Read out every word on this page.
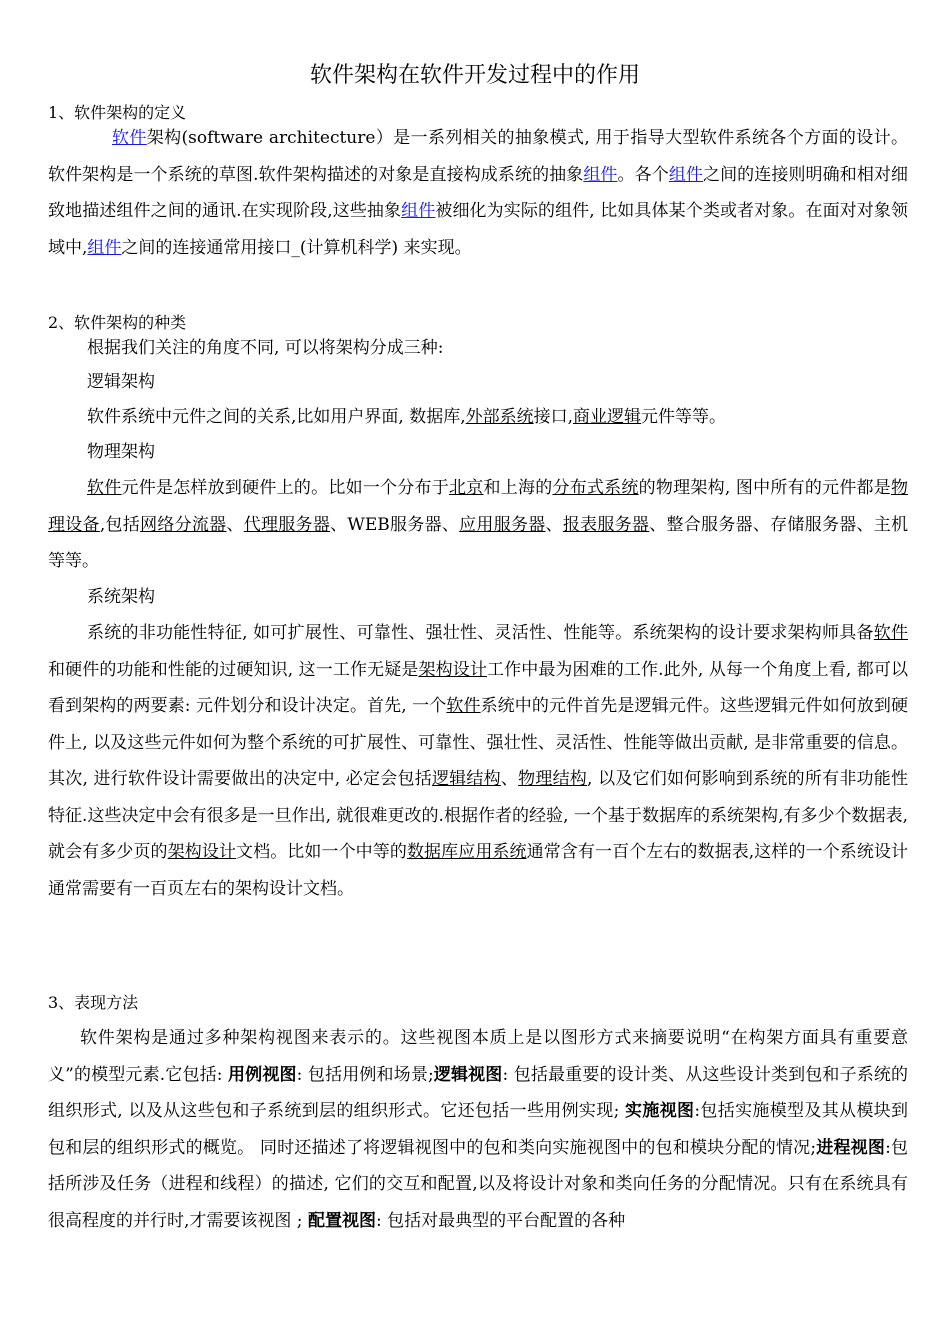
软件架构在软件开发过程中的作用
1、软件架构的定义
软件架构(software architecture）是一系列相关的抽象模式, 用于指导大型软件系统各个方面的设计。软件架构是一个系统的草图.软件架构描述的对象是直接构成系统的抽象组件。各个组件之间的连接则明确和相对细致地描述组件之间的通讯.在实现阶段,这些抽象组件被细化为实际的组件, 比如具体某个类或者对象。在面对对象领域中,组件之间的连接通常用接口_(计算机科学) 来实现。
2、软件架构的种类
根据我们关注的角度不同, 可以将架构分成三种:
逻辑架构
软件系统中元件之间的关系,比如用户界面, 数据库,外部系统接口,商业逻辑元件等等。
物理架构
软件元件是怎样放到硬件上的。比如一个分布于北京和上海的分布式系统的物理架构, 图中所有的元件都是物理设备,包括网络分流器、代理服务器、WEB服务器、应用服务器、报表服务器、整合服务器、存储服务器、主机等等。
系统架构
系统的非功能性特征, 如可扩展性、可靠性、强壮性、灵活性、性能等。系统架构的设计要求架构师具备软件和硬件的功能和性能的过硬知识, 这一工作无疑是架构设计工作中最为困难的工作.此外, 从每一个角度上看, 都可以看到架构的两要素: 元件划分和设计决定。首先, 一个软件系统中的元件首先是逻辑元件。这些逻辑元件如何放到硬件上, 以及这些元件如何为整个系统的可扩展性、可靠性、强壮性、灵活性、性能等做出贡献, 是非常重要的信息。其次, 进行软件设计需要做出的决定中, 必定会包括逻辑结构、物理结构, 以及它们如何影响到系统的所有非功能性特征.这些决定中会有很多是一旦作出, 就很难更改的.根据作者的经验, 一个基于数据库的系统架构,有多少个数据表,就会有多少页的架构设计文档。比如一个中等的数据库应用系统通常含有一百个左右的数据表,这样的一个系统设计通常需要有一百页左右的架构设计文档。
3、表现方法
软件架构是通过多种架构视图来表示的。这些视图本质上是以图形方式来摘要说明“在构架方面具有重要意义”的模型元素.它包括: 用例视图: 包括用例和场景;逻辑视图: 包括最重要的设计类、从这些设计类到包和子系统的组织形式, 以及从这些包和子系统到层的组织形式。它还包括一些用例实现; 实施视图:包括实施模型及其从模块到包和层的组织形式的概览。 同时还描述了将逻辑视图中的包和类向实施视图中的包和模块分配的情况;进程视图:包括所涉及任务（进程和线程）的描述, 它们的交互和配置,以及将设计对象和类向任务的分配情况。只有在系统具有很高程度的并行时,才需要该视图 ; 配置视图: 包括对最典型的平台配置的各种
